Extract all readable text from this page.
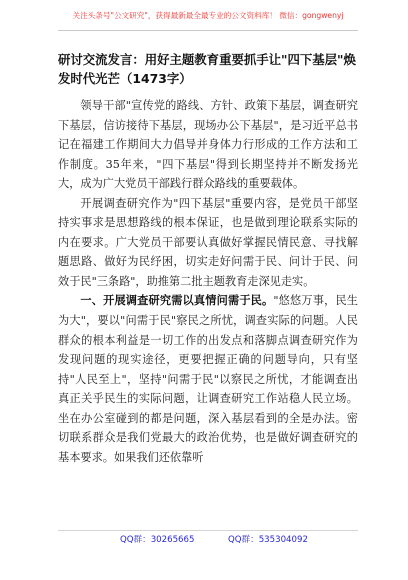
关注头条号"公文研究"，获得最新最全最专业的公文资料库！ 微信：gongwenyj
研讨交流发言：用好主题教育重要抓手让"四下基层"焕发时代光芒（1473字）

领导干部"宣传党的路线、方针、政策下基层，调查研究下基层，信访接待下基层，现场办公下基层"，是习近平总书记在福建工作期间大力倡导并身体力行形成的工作方法和工作制度。35年来，"四下基层"得到长期坚持并不断发扬光大，成为广大党员干部践行群众路线的重要载体。

开展调查研究作为"四下基层"重要内容，是党员干部坚持实事求是思想路线的根本保证，也是做到理论联系实际的内在要求。广大党员干部要认真做好掌握民情民意、寻找解题思路、做好为民纾困，切实走好问需于民、问计于民、问效于民"三条路"，助推第二批主题教育走深见走实。

一、开展调查研究需以真情问需于民。"悠悠万事，民生为大"，要以"问需于民"察民之所忧，调查实际的问题。人民群众的根本利益是一切工作的出发点和落脚点调查研究作为发现问题的现实途径，更要把握正确的问题导向，只有坚持"人民至上"，坚持"问需于民"以察民之所忧，才能调查出真正关乎民生的实际问题，让调查研究工作站稳人民立场。坐在办公室碰到的都是问题，深入基层看到的全是办法。密切联系群众是我们党最大的政治优势，也是做好调查研究的基本要求。如果我们还依靠听

QQ群：30265665	QQ群：535304092
